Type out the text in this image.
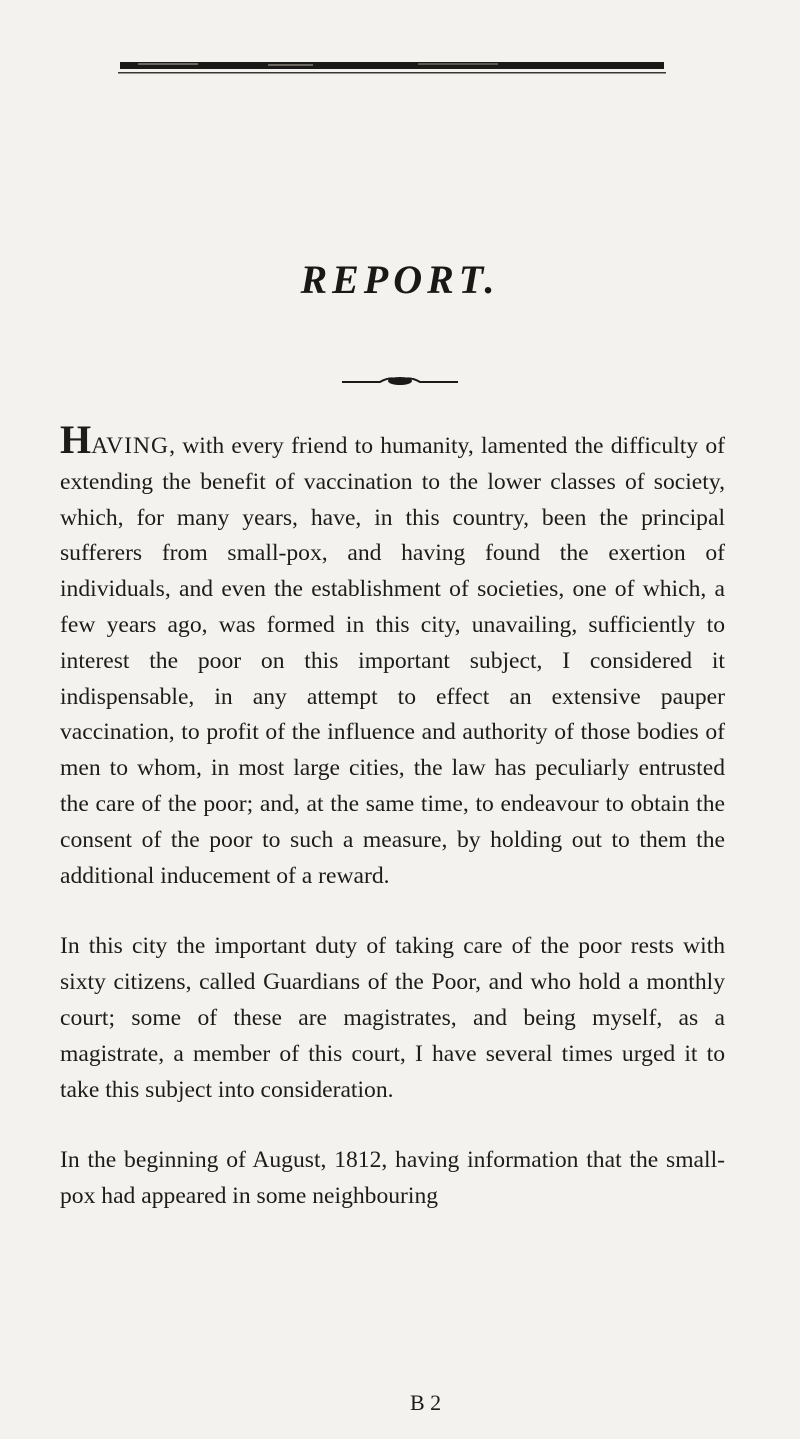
REPORT.

HAVING, with every friend to humanity, lamented the difficulty of extending the benefit of vaccination to the lower classes of society, which, for many years, have, in this country, been the principal sufferers from small-pox, and having found the exertion of individuals, and even the establishment of societies, one of which, a few years ago, was formed in this city, unavailing, sufficiently to interest the poor on this important subject, I considered it indispensable, in any attempt to effect an extensive pauper vaccination, to profit of the influence and authority of those bodies of men to whom, in most large cities, the law has peculiarly entrusted the care of the poor; and, at the same time, to endeavour to obtain the consent of the poor to such a measure, by holding out to them the additional inducement of a reward.

In this city the important duty of taking care of the poor rests with sixty citizens, called Guardians of the Poor, and who hold a monthly court; some of these are magistrates, and being myself, as a magistrate, a member of this court, I have several times urged it to take this subject into consideration.

In the beginning of August, 1812, having information that the small-pox had appeared in some neighbouring

B 2
